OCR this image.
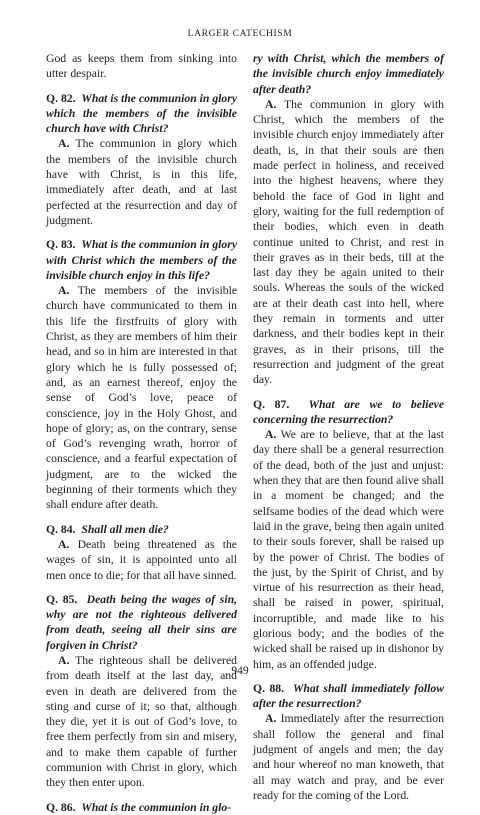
LARGER CATECHISM

God as keeps them from sinking into utter despair.

Q. 82. What is the communion in glory which the members of the invisible church have with Christ?

A. The communion in glory which the members of the invisible church have with Christ, is in this life, immediately after death, and at last perfected at the resurrection and day of judgment.

Q. 83. What is the communion in glory with Christ which the members of the invisible church enjoy in this life?

A. The members of the invisible church have communicated to them in this life the firstfruits of glory with Christ, as they are members of him their head, and so in him are interested in that glory which he is fully possessed of; and, as an earnest thereof, enjoy the sense of God’s love, peace of conscience, joy in the Holy Ghost, and hope of glory; as, on the contrary, sense of God’s revenging wrath, horror of conscience, and a fearful expectation of judgment, are to the wicked the beginning of their torments which they shall endure after death.

Q. 84. Shall all men die?

A. Death being threatened as the wages of sin, it is appointed unto all men once to die; for that all have sinned.

Q. 85. Death being the wages of sin, why are not the righteous delivered from death, seeing all their sins are forgiven in Christ?

A. The righteous shall be delivered from death itself at the last day, and even in death are delivered from the sting and curse of it; so that, although they die, yet it is out of God’s love, to free them perfectly from sin and misery, and to make them capable of further communion with Christ in glory, which they then enter upon.

Q. 86. What is the communion in glo-

ry with Christ, which the members of the invisible church enjoy immediately after death?

A. The communion in glory with Christ, which the members of the invisible church enjoy immediately after death, is, in that their souls are then made perfect in holiness, and received into the highest heavens, where they behold the face of God in light and glory, waiting for the full redemption of their bodies, which even in death continue united to Christ, and rest in their graves as in their beds, till at the last day they be again united to their souls. Whereas the souls of the wicked are at their death cast into hell, where they remain in torments and utter darkness, and their bodies kept in their graves, as in their prisons, till the resurrection and judgment of the great day.

Q. 87. What are we to believe concerning the resurrection?

A. We are to believe, that at the last day there shall be a general resurrection of the dead, both of the just and unjust: when they that are then found alive shall in a moment be changed; and the selfsame bodies of the dead which were laid in the grave, being then again united to their souls forever, shall be raised up by the power of Christ. The bodies of the just, by the Spirit of Christ, and by virtue of his resurrection as their head, shall be raised in power, spiritual, incorruptible, and made like to his glorious body; and the bodies of the wicked shall be raised up in dishonor by him, as an offended judge.

Q. 88. What shall immediately follow after the resurrection?

A. Immediately after the resurrection shall follow the general and final judgment of angels and men; the day and hour whereof no man knoweth, that all may watch and pray, and be ever ready for the coming of the Lord.

949
